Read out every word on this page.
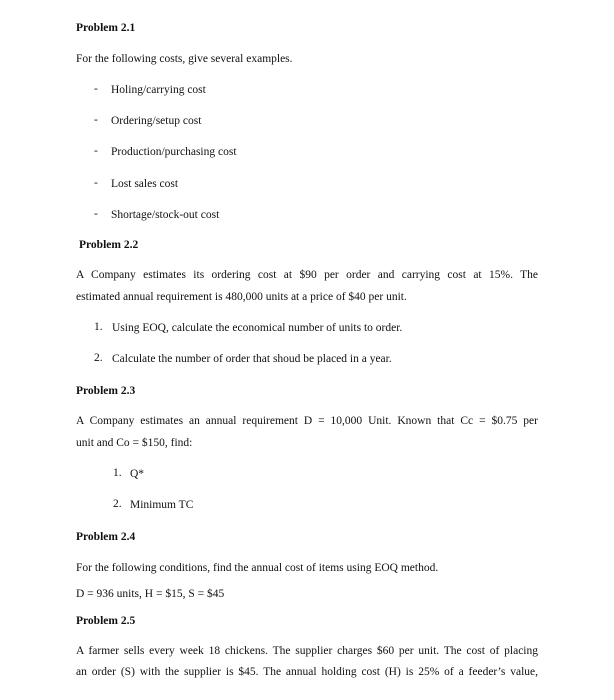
Problem 2.1
For the following costs, give several examples.
- Holing/carrying cost
- Ordering/setup cost
- Production/purchasing cost
- Lost sales cost
- Shortage/stock-out cost
Problem 2.2
A Company estimates its ordering cost at $90 per order and carrying cost at 15%. The
estimated annual requirement is 480,000 units at a price of $40 per unit.
1. Using EOQ, calculate the economical number of units to order.
2. Calculate the number of order that shoud be placed in a year.
Problem 2.3
A Company estimates an annual requirement D = 10,000 Unit. Known that Cc = $0.75 per
unit and Co = $150, find:
1. Q*
2. Minimum TC
Problem 2.4
For the following conditions, find the annual cost of items using EOQ method.
D = 936 units, H = $15, S = $45
Problem 2.5
A farmer sells every week 18 chickens. The supplier charges $60 per unit. The cost of placing
an order (S) with the supplier is $45. The annual holding cost (H) is 25% of a feeder’s value,
